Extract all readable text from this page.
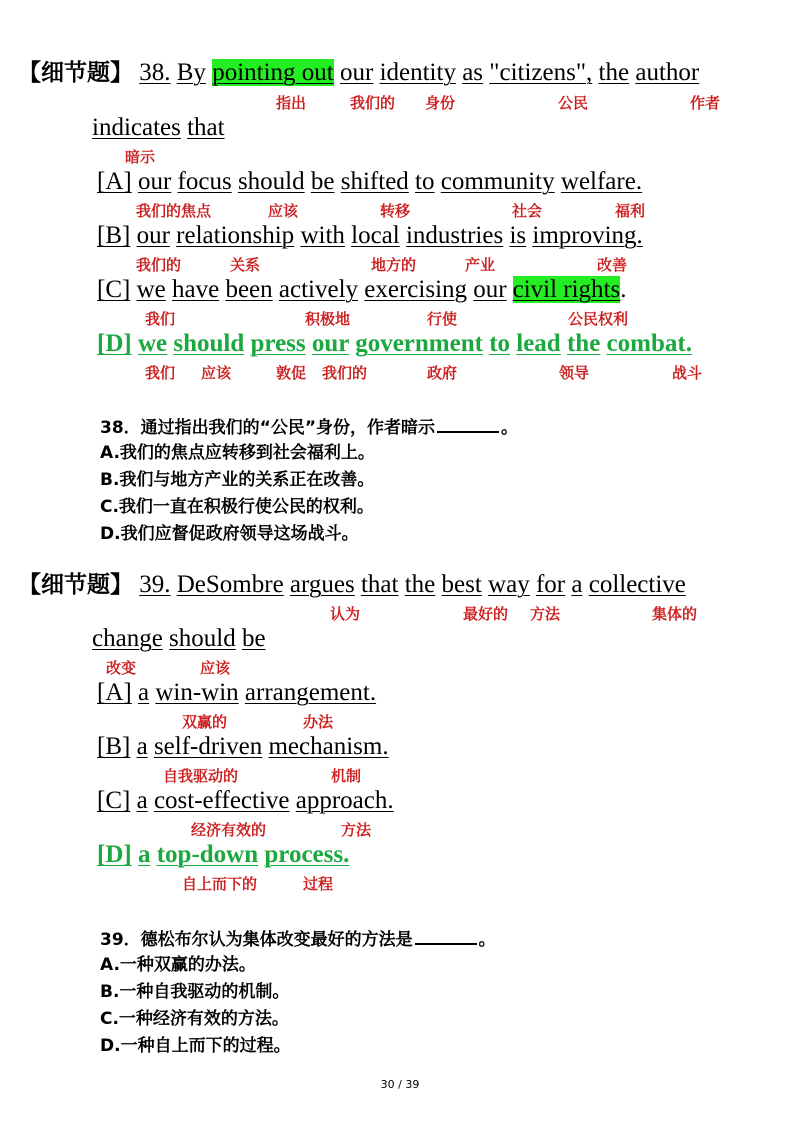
【细节题】 38. By pointing out our identity as "citizens", the author
指出	我们的 身份	公民	作者
indicates that
暗示
[A] our focus should be shifted to community welfare.
我们的焦点	应该	转移	社会	福利
[B] our relationship with local industries is improving.
我们的	关系	地方的	产业	改善
[C] we have been actively exercising our civil rights.
我们	积极地	行使	公民权利
[D] we should press our government to lead the combat.
我们 应该	敦促 我们的	政府	领导	战斗
38．通过指出我们的“公民”身份，作者暗示	。
A.我们的焦点应转移到社会福利上。
B.我们与地方产业的关系正在改善。
C.我们一直在积极行使公民的权利。
D.我们应督促政府领导这场战斗。
【细节题】 39. DeSombre argues that the best way for a collective
认为	最好的 方法	集体的
change should be
改变	应该
[A] a win-win arrangement.
双赢的	办法
[B] a self-driven mechanism.
自我驱动的	机制
[C] a cost-effective approach.
经济有效的	方法
[D] a top-down process.
自上而下的	过程
39．德松布尔认为集体改变最好的方法是	。
A.一种双赢的办法。
B.一种自我驱动的机制。
C.一种经济有效的方法。
D.一种自上而下的过程。
30 / 39
